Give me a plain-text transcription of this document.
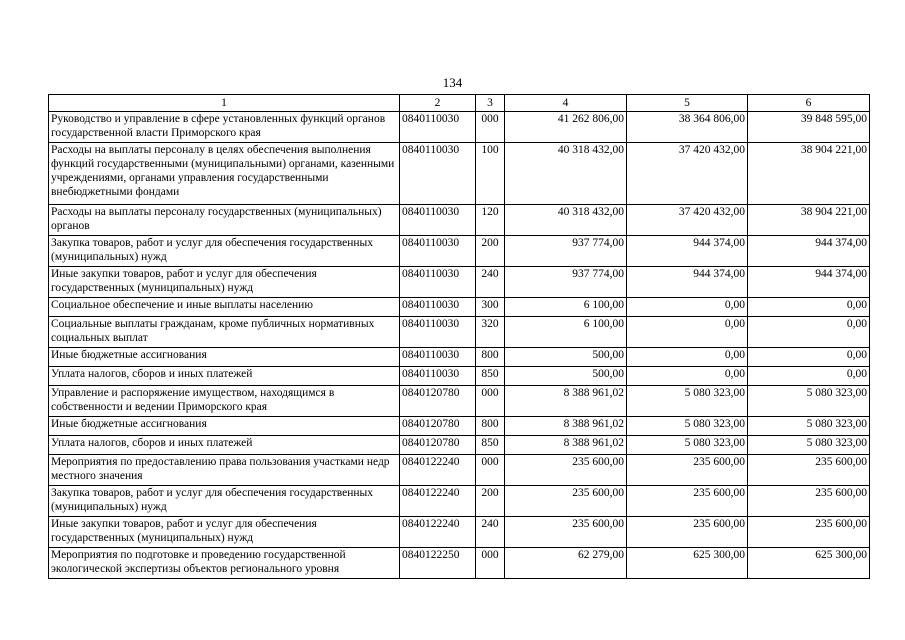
134
1	2	3	4	5	6
Руководство и управление в сфере установленных функций органов государственной власти Приморского края	0840110030	000	41 262 806,00	38 364 806,00	39 848 595,00
Расходы на выплаты персоналу в целях обеспечения выполнения функций государственными (муниципальными) органами, казенными учреждениями, органами управления государственными внебюджетными фондами	0840110030	100	40 318 432,00	37 420 432,00	38 904 221,00
Расходы на выплаты персоналу государственных (муниципальных) органов	0840110030	120	40 318 432,00	37 420 432,00	38 904 221,00
Закупка товаров, работ и услуг для обеспечения государственных (муниципальных) нужд	0840110030	200	937 774,00	944 374,00	944 374,00
Иные закупки товаров, работ и услуг для обеспечения государственных (муниципальных) нужд	0840110030	240	937 774,00	944 374,00	944 374,00
Социальное обеспечение и иные выплаты населению	0840110030	300	6 100,00	0,00	0,00
Социальные выплаты гражданам, кроме публичных нормативных социальных выплат	0840110030	320	6 100,00	0,00	0,00
Иные бюджетные ассигнования	0840110030	800	500,00	0,00	0,00
Уплата налогов, сборов и иных платежей	0840110030	850	500,00	0,00	0,00
Управление и распоряжение имуществом, находящимся в собственности и ведении Приморского края	0840120780	000	8 388 961,02	5 080 323,00	5 080 323,00
Иные бюджетные ассигнования	0840120780	800	8 388 961,02	5 080 323,00	5 080 323,00
Уплата налогов, сборов и иных платежей	0840120780	850	8 388 961,02	5 080 323,00	5 080 323,00
Мероприятия по предоставлению права пользования участками недр местного значения	0840122240	000	235 600,00	235 600,00	235 600,00
Закупка товаров, работ и услуг для обеспечения государственных (муниципальных) нужд	0840122240	200	235 600,00	235 600,00	235 600,00
Иные закупки товаров, работ и услуг для обеспечения государственных (муниципальных) нужд	0840122240	240	235 600,00	235 600,00	235 600,00
Мероприятия по подготовке и проведению государственной экологической экспертизы объектов регионального уровня	0840122250	000	62 279,00	625 300,00	625 300,00
